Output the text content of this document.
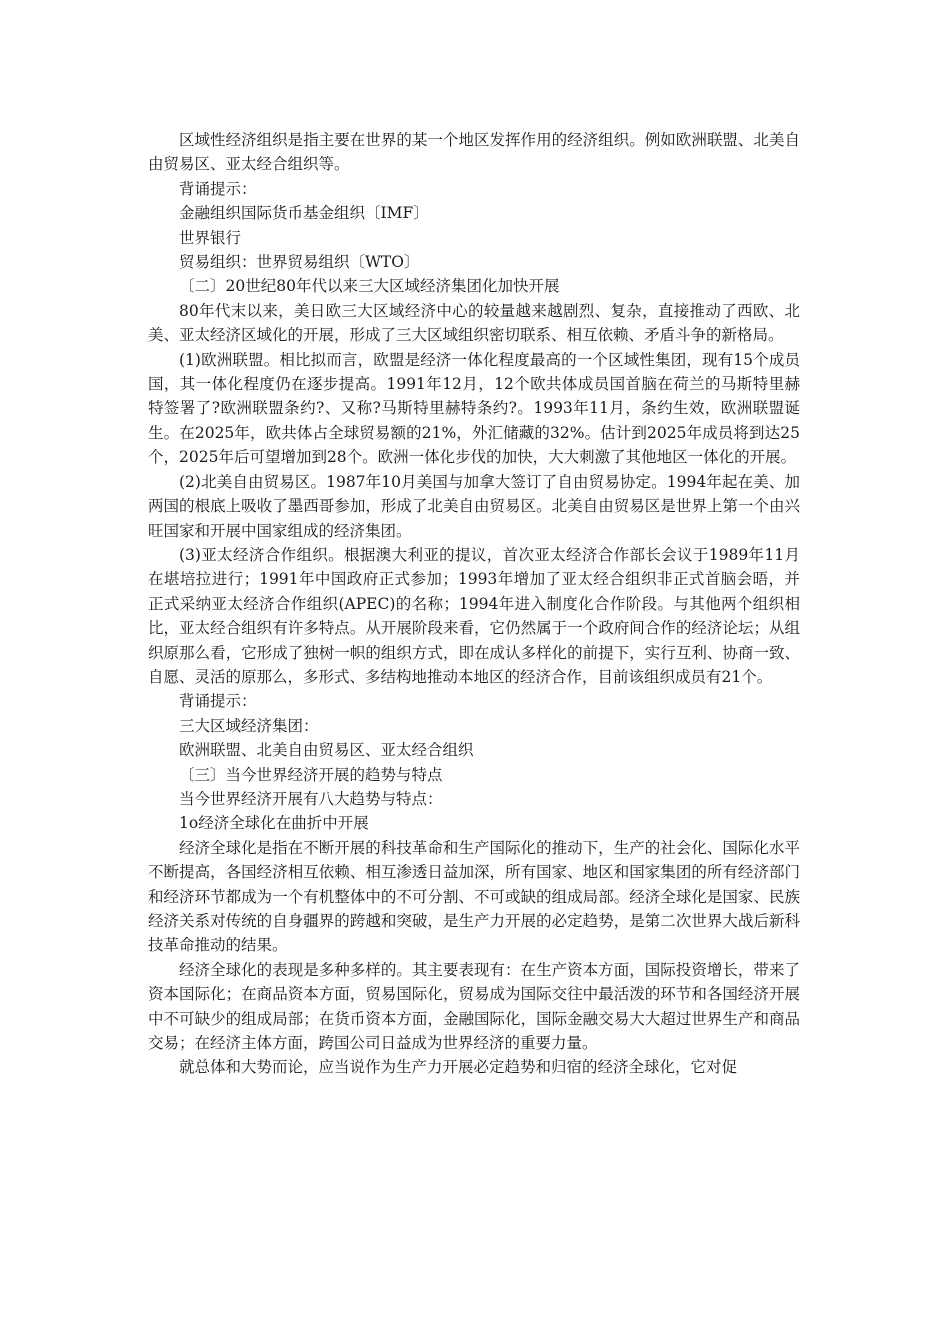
区域性经济组织是指主要在世界的某一个地区发挥作用的经济组织。例如欧洲联盟、北美自由贸易区、亚太经合组织等。

背诵提示：

金融组织国际货币基金组织〔IMF〕

世界银行

贸易组织：世界贸易组织〔WTO〕

〔二〕20世纪80年代以来三大区域经济集团化加快开展

80年代末以来，美日欧三大区域经济中心的较量越来越剧烈、复杂，直接推动了西欧、北美、亚太经济区域化的开展，形成了三大区域组织密切联系、相互依赖、矛盾斗争的新格局。

(1)欧洲联盟。相比拟而言，欧盟是经济一体化程度最高的一个区域性集团，现有15个成员国，其一体化程度仍在逐步提高。1991年12月，12个欧共体成员国首脑在荷兰的马斯特里赫特签署了?欧洲联盟条约?、又称?马斯特里赫特条约?。1993年11月，条约生效，欧洲联盟诞生。在2025年，欧共体占全球贸易额的21%，外汇储藏的32%。估计到2025年成员将到达25个，2025年后可望增加到28个。欧洲一体化步伐的加快，大大刺激了其他地区一体化的开展。

(2)北美自由贸易区。1987年10月美国与加拿大签订了自由贸易协定。1994年起在美、加两国的根底上吸收了墨西哥参加，形成了北美自由贸易区。北美自由贸易区是世界上第一个由兴旺国家和开展中国家组成的经济集团。

(3)亚太经济合作组织。根据澳大利亚的提议，首次亚太经济合作部长会议于1989年11月在堪培拉进行；1991年中国政府正式参加；1993年增加了亚太经合组织非正式首脑会晤，并正式采纳亚太经济合作组织(APEC)的名称；1994年进入制度化合作阶段。与其他两个组织相比，亚太经合组织有许多特点。从开展阶段来看，它仍然属于一个政府间合作的经济论坛；从组织原那么看，它形成了独树一帜的组织方式，即在成认多样化的前提下，实行互利、协商一致、自愿、灵活的原那么，多形式、多结构地推动本地区的经济合作，目前该组织成员有21个。

背诵提示：

三大区域经济集团：

欧洲联盟、北美自由贸易区、亚太经合组织

〔三〕当今世界经济开展的趋势与特点

当今世界经济开展有八大趋势与特点：

1o经济全球化在曲折中开展

经济全球化是指在不断开展的科技革命和生产国际化的推动下，生产的社会化、国际化水平不断提高，各国经济相互依赖、相互渗透日益加深，所有国家、地区和国家集团的所有经济部门和经济环节都成为一个有机整体中的不可分割、不可或缺的组成局部。经济全球化是国家、民族经济关系对传统的自身疆界的跨越和突破，是生产力开展的必定趋势，是第二次世界大战后新科技革命推动的结果。

经济全球化的表现是多种多样的。其主要表现有：在生产资本方面，国际投资增长，带来了资本国际化；在商品资本方面，贸易国际化，贸易成为国际交往中最活泼的环节和各国经济开展中不可缺少的组成局部；在货币资本方面，金融国际化，国际金融交易大大超过世界生产和商品交易；在经济主体方面，跨国公司日益成为世界经济的重要力量。

就总体和大势而论，应当说作为生产力开展必定趋势和归宿的经济全球化，它对促
